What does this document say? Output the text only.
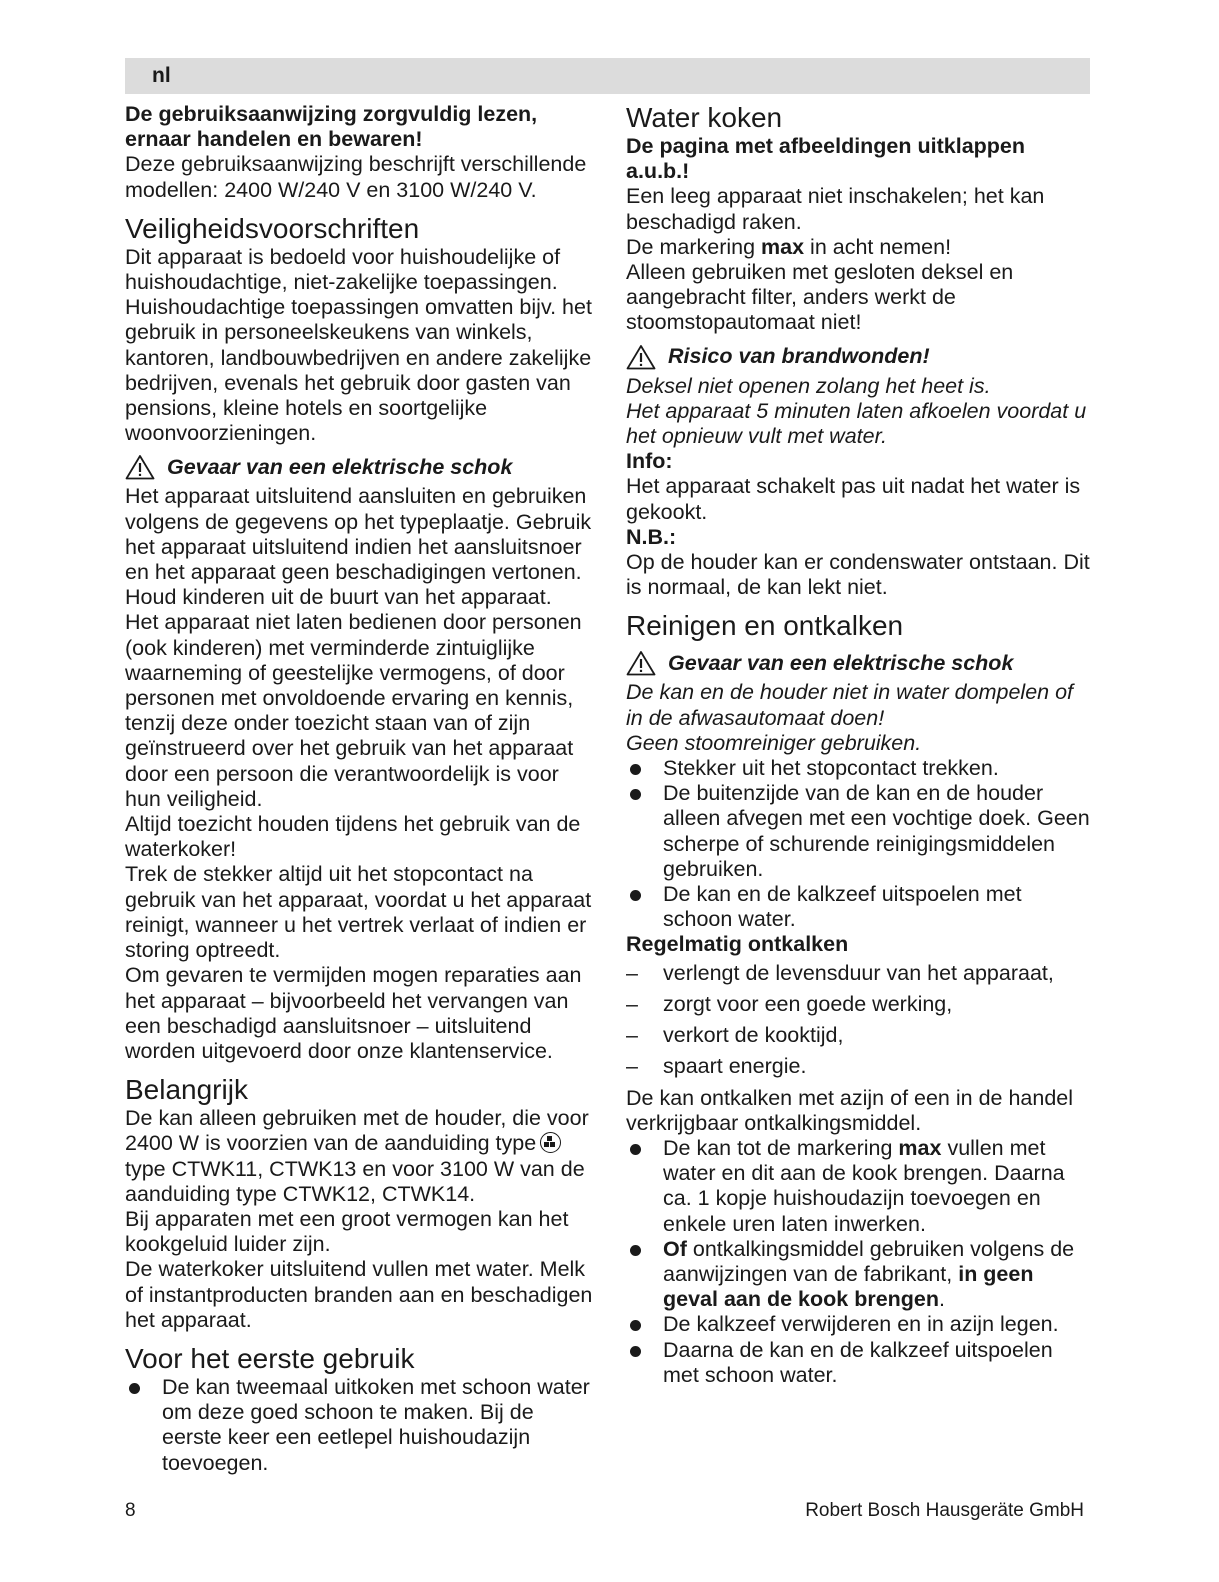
nl

De gebruiksaanwijzing zorgvuldig lezen,

ernaar handelen en bewaren!

Deze gebruiksaanwijzing beschrijft verschillende modellen: 2400 W/240 V en 3100 W/240 V.

Veiligheidsvoorschriften

Dit apparaat is bedoeld voor huishoudelijke of huishoudachtige, niet-zakelijke toepassingen. Huishoudachtige toepassingen omvatten bijv. het gebruik in personeelskeukens van winkels, kantoren, landbouwbedrijven en andere zakelijke bedrijven, evenals het gebruik door gasten van pensions, kleine hotels en soortgelijke woonvoorzieningen.

Gevaar van een elektrische schok

Het apparaat uitsluitend aansluiten en gebruiken volgens de gegevens op het typeplaatje. Gebruik het apparaat uitsluitend indien het aansluitsnoer en het apparaat geen beschadigingen vertonen.

Houd kinderen uit de buurt van het apparaat.

Het apparaat niet laten bedienen door personen (ook kinderen) met verminderde zintuiglijke waarneming of geestelijke vermogens, of door personen met onvoldoende ervaring en kennis, tenzij deze onder toezicht staan van of zijn geïnstrueerd over het gebruik van het apparaat door een persoon die verantwoordelijk is voor hun veiligheid.

Altijd toezicht houden tijdens het gebruik van de waterkoker!

Trek de stekker altijd uit het stopcontact na gebruik van het apparaat, voordat u het apparaat reinigt, wanneer u het vertrek verlaat of indien er storing optreedt.

Om gevaren te vermijden mogen reparaties aan het apparaat – bijvoorbeeld het vervangen van een beschadigd aansluitsnoer – uitsluitend worden uitgevoerd door onze klantenservice.

Belangrijk

De kan alleen gebruiken met de houder, die voor 2400 W is voorzien van de aanduiding type
type CTWK11, CTWK13 en voor 3100 W van de aanduiding type CTWK12, CTWK14.

Bij apparaten met een groot vermogen kan het kookgeluid luider zijn.

De waterkoker uitsluitend vullen met water. Melk of instantproducten branden aan en beschadigen het apparaat.

Voor het eerste gebruik
De kan tweemaal uitkoken met schoon water om deze goed schoon te maken. Bij de eerste keer een eetlepel huishoudazijn toevoegen.
Water koken

De pagina met afbeeldingen uitklappen a.u.b.!

Een leeg apparaat niet inschakelen; het kan beschadigd raken.

De markering max in acht nemen!

Alleen gebruiken met gesloten deksel en aangebracht filter, anders werkt de stoomstopautomaat niet!

Risico van brandwonden!

Deksel niet openen zolang het heet is.

Het apparaat 5 minuten laten afkoelen voordat u het opnieuw vult met water.

Info:

Het apparaat schakelt pas uit nadat het water is gekookt.

N.B.:

Op de houder kan er condenswater ontstaan. Dit is normaal, de kan lekt niet.

Reinigen en ontkalken
Gevaar van een elektrische schok

De kan en de houder niet in water dompelen of in de afwasautomaat doen!

Geen stoomreiniger gebruiken.

Stekker uit het stopcontact trekken.
De buitenzijde van de kan en de houder alleen afvegen met een vochtige doek. Geen scherpe of schurende reinigingsmiddelen gebruiken.
De kan en de kalkzeef uitspoelen met schoon water.

Regelmatig ontkalken

– verlengt de levensduur van het apparaat,
– zorgt voor een goede werking,
– verkort de kooktijd,
– spaart energie.

De kan ontkalken met azijn of een in de handel verkrijgbaar ontkalkingsmiddel.

De kan tot de markering max vullen met water en dit aan de kook brengen. Daarna ca. 1 kopje huishoudazijn toevoegen en enkele uren laten inwerken.
Of ontkalkingsmiddel gebruiken volgens de aanwijzingen van de fabrikant, in geen geval aan de kook brengen.
De kalkzeef verwijderen en in azijn legen.
Daarna de kan en de kalkzeef uitspoelen met schoon water.
8	Robert Bosch Hausgeräte GmbH
